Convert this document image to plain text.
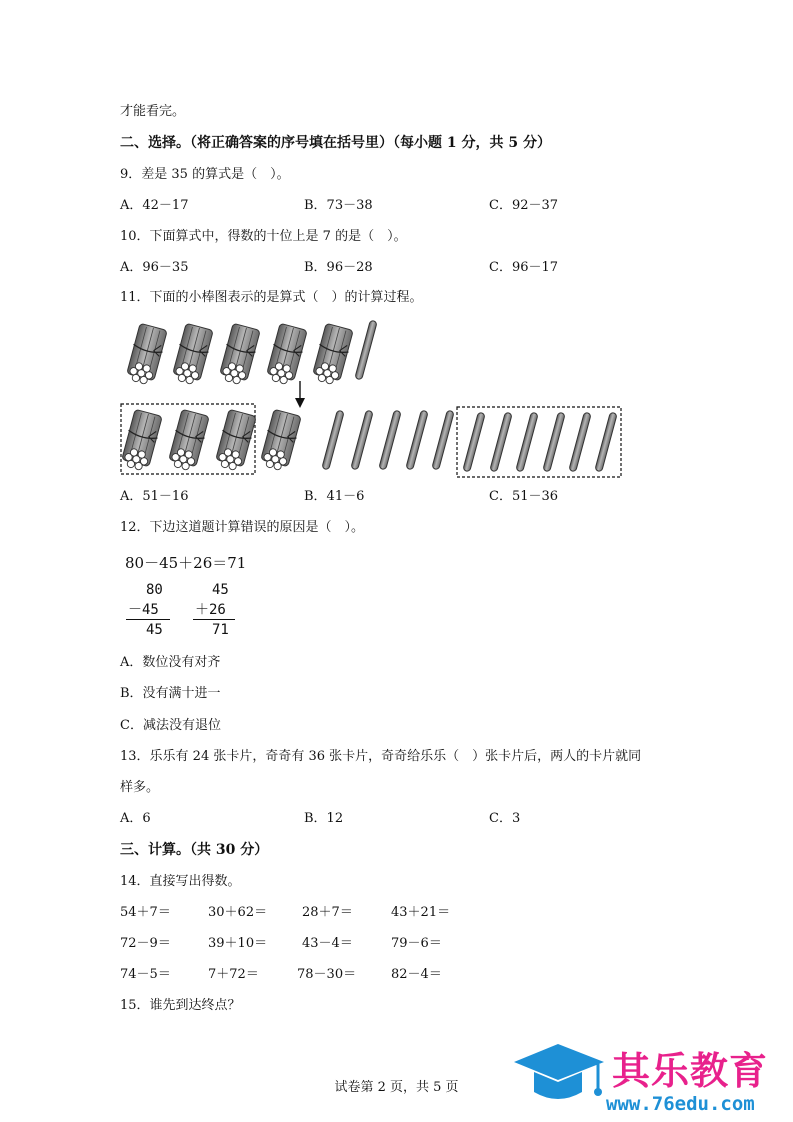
才能看完。
二、选择。（将正确答案的序号填在括号里）（每小题 1 分，共 5 分）
9．差是 35 的算式是（　）。
A．42－17	B．73－38	C．92－37
10．下面算式中，得数的十位上是 7 的是（　）。
A．96－35	B．96－28	C．96－17
11．下面的小棒图表示的是算式（　）的计算过程。
A．51－16	B．41－6	C．51－36
12．下边这道题计算错误的原因是（　）。
80－45＋26＝71
80
－45
45
45
＋26
71
A．数位没有对齐
B．没有满十进一
C．减法没有退位
13．乐乐有 24 张卡片，奇奇有 36 张卡片，奇奇给乐乐（　）张卡片后，两人的卡片就同
样多。
A．6	B．12	C．3
三、计算。（共 30 分）
14．直接写出得数。
54＋7＝	30＋62＝	28＋7＝	43＋21＝
72－9＝	39＋10＝	43－4＝	79－6＝
74－5＝	7＋72＝	78－30＝	82－4＝
15．谁先到达终点？
试卷第 2 页，共 5 页	其乐教育
www.76edu.com
